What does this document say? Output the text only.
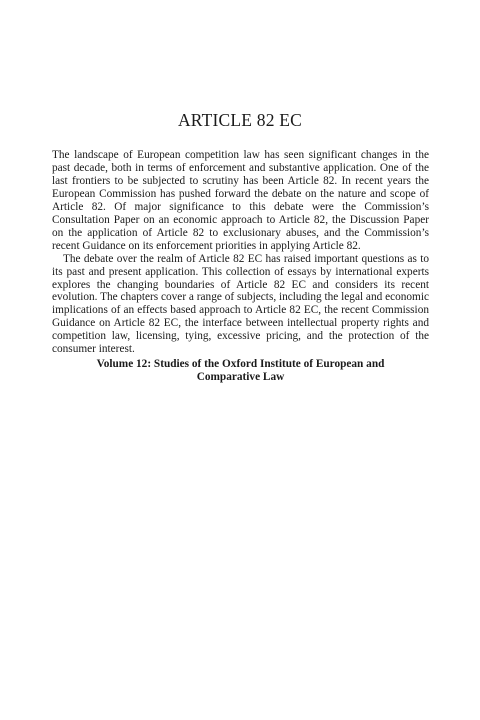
ARTICLE 82 EC

The landscape of European competition law has seen significant changes in the past decade, both in terms of enforcement and substantive application. One of the last frontiers to be subjected to scrutiny has been Article 82. In recent years the European Commission has pushed forward the debate on the nature and scope of Article 82. Of major significance to this debate were the Commission’s Consultation Paper on an economic approach to Article 82, the Discussion Paper on the application of Article 82 to exclusionary abuses, and the Commission’s recent Guidance on its enforcement priorities in applying Article 82.

The debate over the realm of Article 82 EC has raised important questions as to its past and present application. This collection of essays by international experts explores the changing boundaries of Article 82 EC and considers its recent evolution. The chapters cover a range of subjects, including the legal and economic implications of an effects based approach to Article 82 EC, the recent Commission Guidance on Article 82 EC, the interface between intellectual property rights and competition law, licensing, tying, excessive pricing, and the protection of the consumer interest.

Volume 12: Studies of the Oxford Institute of European and
Comparative Law
